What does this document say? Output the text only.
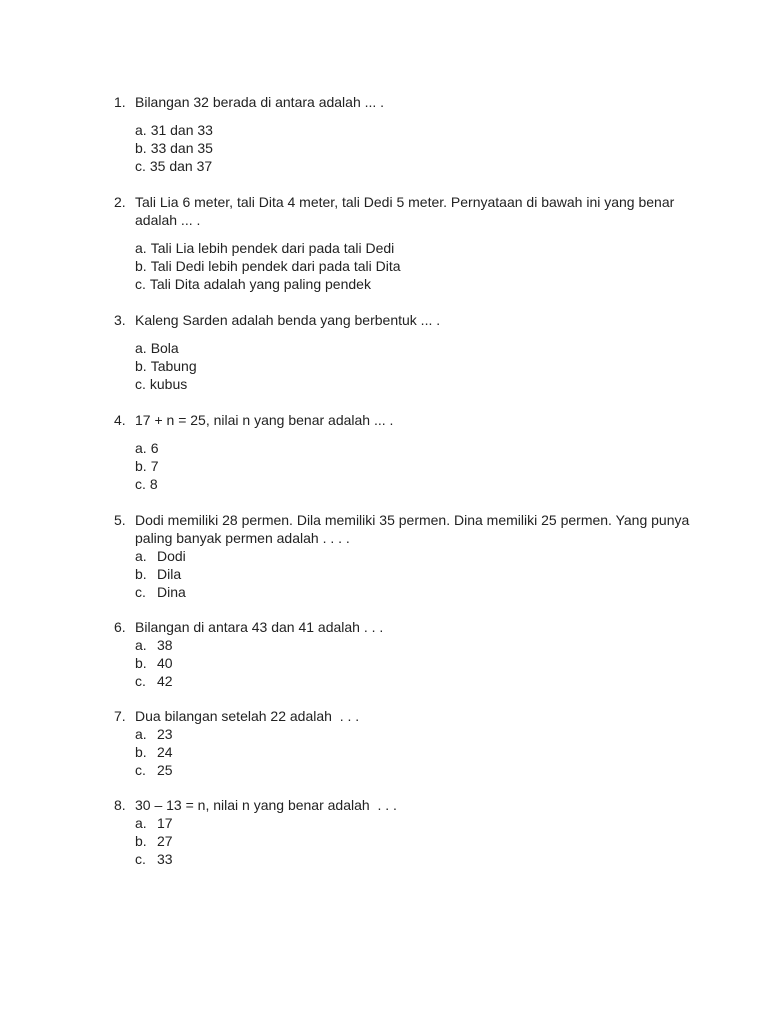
1. Bilangan 32 berada di antara adalah ... .
a. 31 dan 33
b. 33 dan 35
c. 35 dan 37
2. Tali Lia 6 meter, tali Dita 4 meter, tali Dedi 5 meter. Pernyataan di bawah ini yang benar adalah ... .
a. Tali Lia lebih pendek dari pada tali Dedi
b. Tali Dedi lebih pendek dari pada tali Dita
c. Tali Dita adalah yang paling pendek
3. Kaleng Sarden adalah benda yang berbentuk ... .
a. Bola
b. Tabung
c. kubus
4. 17 + n = 25, nilai n yang benar adalah ... .
a. 6
b. 7
c. 8
5. Dodi memiliki 28 permen. Dila memiliki 35 permen. Dina memiliki 25 permen. Yang punya paling banyak permen adalah . . . .
a. Dodi
b. Dila
c. Dina
6. Bilangan di antara 43 dan 41 adalah . . .
a. 38
b. 40
c. 42
7. Dua bilangan setelah 22 adalah  . . .
a. 23
b. 24
c. 25
8. 30 – 13 = n, nilai n yang benar adalah  . . .
a. 17
b. 27
c. 33
